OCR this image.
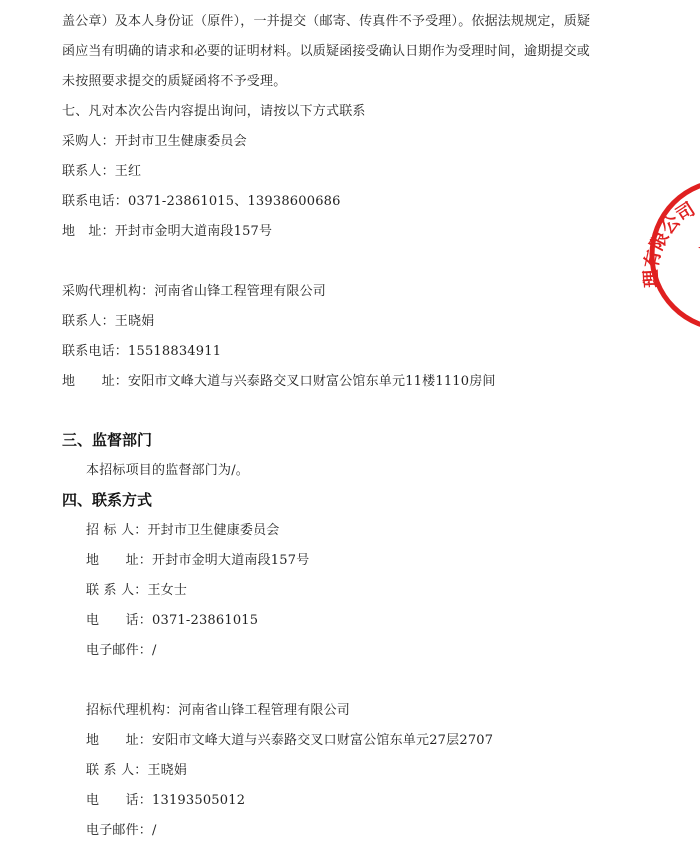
盖公章）及本人身份证（原件），一并提交（邮寄、传真件不予受理）。依据法规规定，质疑
函应当有明确的请求和必要的证明材料。以质疑函接受确认日期作为受理时间，逾期提交或
未按照要求提交的质疑函将不予受理。
七、凡对本次公告内容提出询问，请按以下方式联系
采购人：开封市卫生健康委员会
联系人：王红
联系电话：0371-23861015、13938600686
地　址：开封市金明大道南段157号
采购代理机构：河南省山锋工程管理有限公司
联系人：王晓娟
联系电话：15518834911
地　　址：安阳市文峰大道与兴泰路交叉口财富公馆东单元11楼1110房间
三、监督部门
本招标项目的监督部门为/。
四、联系方式
招 标 人：开封市卫生健康委员会
地　　址：开封市金明大道南段157号
联 系 人：王女士
电　　话：0371-23861015
电子邮件：/
招标代理机构：河南省山锋工程管理有限公司
地　　址：安阳市文峰大道与兴泰路交叉口财富公馆东单元27层2707
联 系 人：王晓娟
电　　话：13193505012
电子邮件：/
理有限公司
